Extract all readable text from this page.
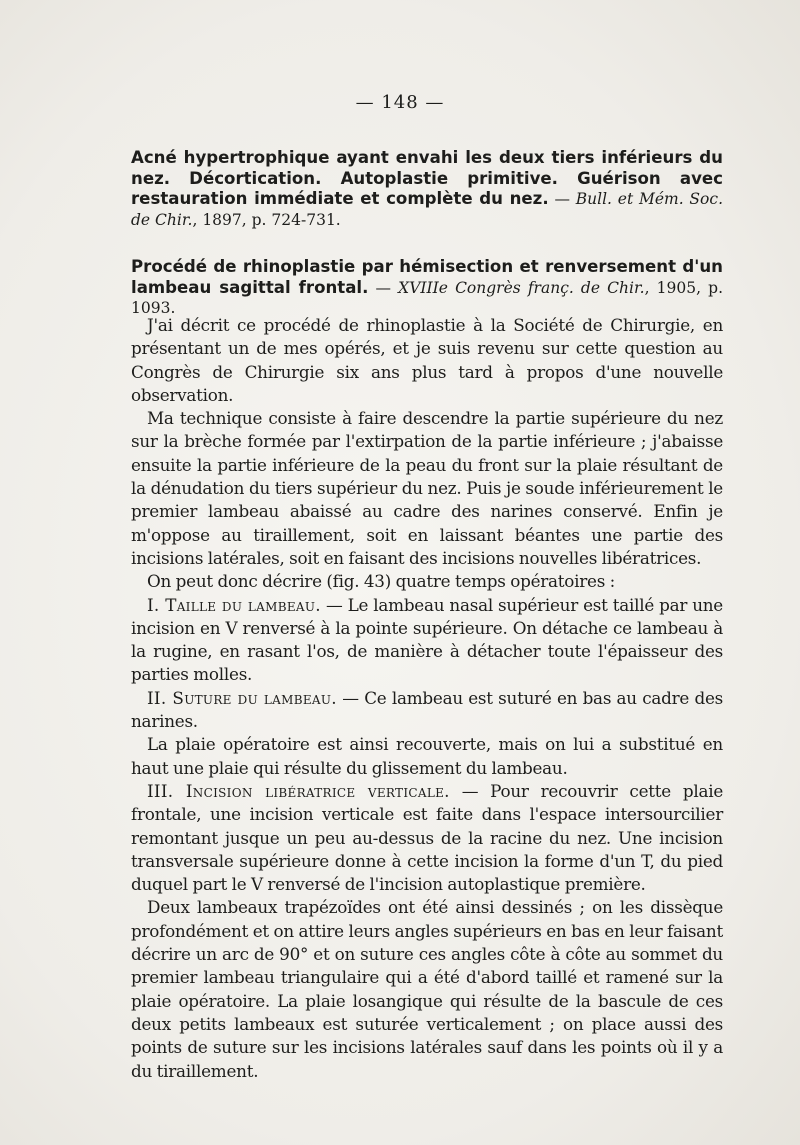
— 148 —

Acné hypertrophique ayant envahi les deux tiers inférieurs du nez. Décortication. Autoplastie primitive. Guérison avec restauration immédiate et complète du nez. — Bull. et Mém. Soc. de Chir., 1897, p. 724-731.

Procédé de rhinoplastie par hémisection et renversement d'un lambeau sagittal frontal. — XVIIIe Congrès franç. de Chir., 1905, p. 1093.

J'ai décrit ce procédé de rhinoplastie à la Société de Chirurgie, en présentant un de mes opérés, et je suis revenu sur cette question au Congrès de Chirurgie six ans plus tard à propos d'une nouvelle observation.

Ma technique consiste à faire descendre la partie supérieure du nez sur la brèche formée par l'extirpation de la partie inférieure ; j'abaisse ensuite la partie inférieure de la peau du front sur la plaie résultant de la dénudation du tiers supérieur du nez. Puis je soude inférieurement le premier lambeau abaissé au cadre des narines conservé. Enfin je m'oppose au tiraillement, soit en laissant béantes une partie des incisions latérales, soit en faisant des incisions nouvelles libératrices.

On peut donc décrire (fig. 43) quatre temps opératoires :

I. Taille du lambeau. — Le lambeau nasal supérieur est taillé par une incision en V renversé à la pointe supérieure. On détache ce lambeau à la rugine, en rasant l'os, de manière à détacher toute l'épaisseur des parties molles.

II. Suture du lambeau. — Ce lambeau est suturé en bas au cadre des narines.

La plaie opératoire est ainsi recouverte, mais on lui a substitué en haut une plaie qui résulte du glissement du lambeau.

III. Incision libératrice verticale. — Pour recouvrir cette plaie frontale, une incision verticale est faite dans l'espace intersourcilier remontant jusque un peu au-dessus de la racine du nez. Une incision transversale supérieure donne à cette incision la forme d'un T, du pied duquel part le V renversé de l'incision autoplastique première.

Deux lambeaux trapézoïdes ont été ainsi dessinés ; on les dissèque profondément et on attire leurs angles supérieurs en bas en leur faisant décrire un arc de 90° et on suture ces angles côte à côte au sommet du premier lambeau triangulaire qui a été d'abord taillé et ramené sur la plaie opératoire. La plaie losangique qui résulte de la bascule de ces deux petits lambeaux est suturée verticalement ; on place aussi des points de suture sur les incisions latérales sauf dans les points où il y a du tiraillement.
